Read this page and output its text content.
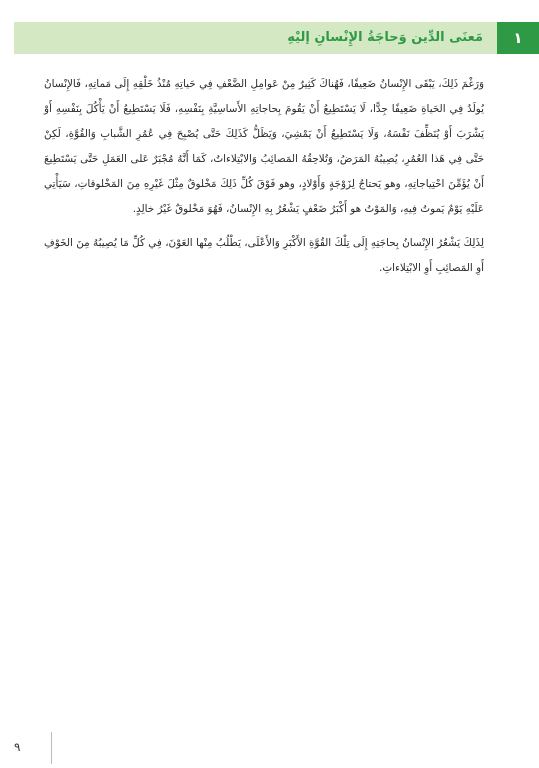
١
مَعنَى الدِّين وَحاجَةُ الإِنْسانِ إليْهِ

وَرَغْمَ ذَلِكَ، يَبْقَى الإِنْسانُ ضَعِيفًا، فَهُناكَ كَثِيرٌ مِنْ عَوامِلِ الضَّعْفِ فِي حَياتِهِ مُنْذُ خَلْقِهِ إِلَى مَماتِهِ، فَالإِنْسانُ يُولَدُ فِي الحَياةِ ضَعِيفًا جِدًّا، لَا يَسْتَطِيعُ أَنْ يَقُومَ بِحاجاتِهِ الأَساسِيَّةِ بِنَفْسِهِ، فَلَا يَسْتَطِيعُ أَنْ يَأْكُلَ بِنَفْسِهِ أَوْ يَشْرَبَ أَوْ يُنَظِّفَ نَفْسَهُ، وَلَا يَسْتَطِيعُ أَنْ يَمْشِيَ، وَيَظَلُّ كَذَلِكَ حَتَّى يُصْبِحَ فِي عُمُرِ الشَّبابِ وَالقُوَّةِ، لَكِنْ حَتَّى فِي هَذا العُمُرِ، يُصِيبُهُ المَرَضُ، وَتُلاحِقُهُ المَصائِبُ وَالابْتِلاءاتُ، كَمَا أَنَّهُ مُجْبَرٌ عَلى العَمَلِ حَتَّى يَسْتَطِيعَ أَنْ يُؤَمِّنَ احْتِياجاتِهِ، وهو يَحتاجُ لِزَوْجَةٍ وَأَوْلادٍ، وهو فَوْقَ كُلِّ ذَلِكَ مَخْلوقٌ مِثْلَ غَيْرِهِ مِنَ المَخْلوقاتِ، سَيَأْتِي عَلَيْهِ يَوْمٌ يَموتُ فِيهِ، وَالمَوْتُ هو أَكْبَرُ ضَعْفٍ يَشْعُرُ بِهِ الإِنْسانُ، فَهُوَ مَخْلوقٌ غَيْرُ خالِدٍ.

لِذَلِكَ يَشْعُرُ الإِنْسانُ بِحاجَتِهِ إِلَى تِلْكَ القُوَّةِ الأَكْبَرِ وَالأَعْلَى، يَطْلُبُ مِنْها العَوْنَ، فِي كُلِّ مَا يُصِيبُهُ مِنَ الخَوْفِ أَوِ المَصائِبِ أَوِ الابْتِلاءاتِ.

٩
